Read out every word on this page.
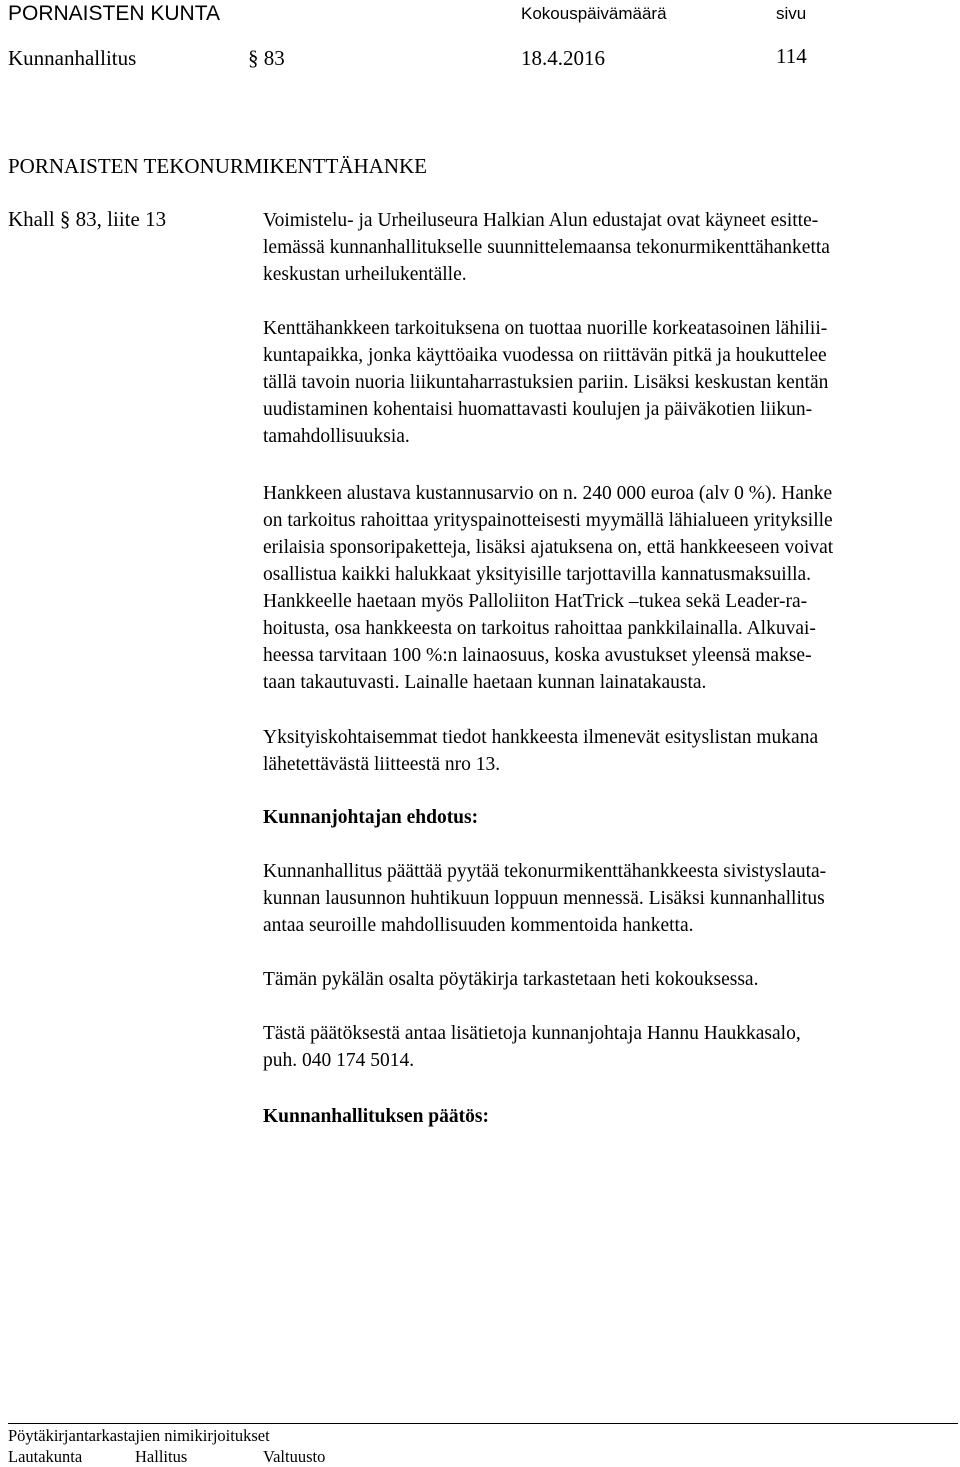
PORNAISTEN KUNTA	Kokouspäivämäärä	sivu
Kunnanhallitus	§ 83	18.4.2016	114
PORNAISTEN TEKONURMIKENTTÄHANKE
Khall § 83, liite 13	Voimistelu- ja Urheiluseura Halkian Alun edustajat ovat käyneet esitte-
lemässä kunnanhallitukselle suunnittelemaansa tekonurmikenttähanketta
keskustan urheilukentälle.
Kenttähankkeen tarkoituksena on tuottaa nuorille korkeatasoinen lähilii-
kuntapaikka, jonka käyttöaika vuodessa on riittävän pitkä ja houkuttelee
tällä tavoin nuoria liikuntaharrastuksien pariin. Lisäksi keskustan kentän
uudistaminen kohentaisi huomattavasti koulujen ja päiväkotien liikun-
tamahdollisuuksia.
Hankkeen alustava kustannusarvio on n. 240 000 euroa (alv 0 %). Hanke
on tarkoitus rahoittaa yrityspainotteisesti myymällä lähialueen yrityksille
erilaisia sponsoripaketteja, lisäksi ajatuksena on, että hankkeeseen voivat
osallistua kaikki halukkaat yksityisille tarjottavilla kannatusmaksuilla.
Hankkeelle haetaan myös Palloliiton HatTrick –tukea sekä Leader-ra-
hoitusta, osa hankkeesta on tarkoitus rahoittaa pankkilainalla. Alkuvai-
heessa tarvitaan 100 %:n lainaosuus, koska avustukset yleensä makse-
taan takautuvasti. Lainalle haetaan kunnan lainatakausta.
Yksityiskohtaisemmat tiedot hankkeesta ilmenevät esityslistan mukana
lähetettävästä liitteestä nro 13.
Kunnanjohtajan ehdotus:
Kunnanhallitus päättää pyytää tekonurmikenttähankkeesta sivistyslauta-
kunnan lausunnon huhtikuun loppuun mennessä. Lisäksi kunnanhallitus
antaa seuroille mahdollisuuden kommentoida hanketta.
Tämän pykälän osalta pöytäkirja tarkastetaan heti kokouksessa.
Tästä päätöksestä antaa lisätietoja kunnanjohtaja Hannu Haukkasalo,
puh. 040 174 5014.
Kunnanhallituksen päätös:
Pöytäkirjantarkastajien nimikirjoitukset
Lautakunta	Hallitus	Valtuusto
